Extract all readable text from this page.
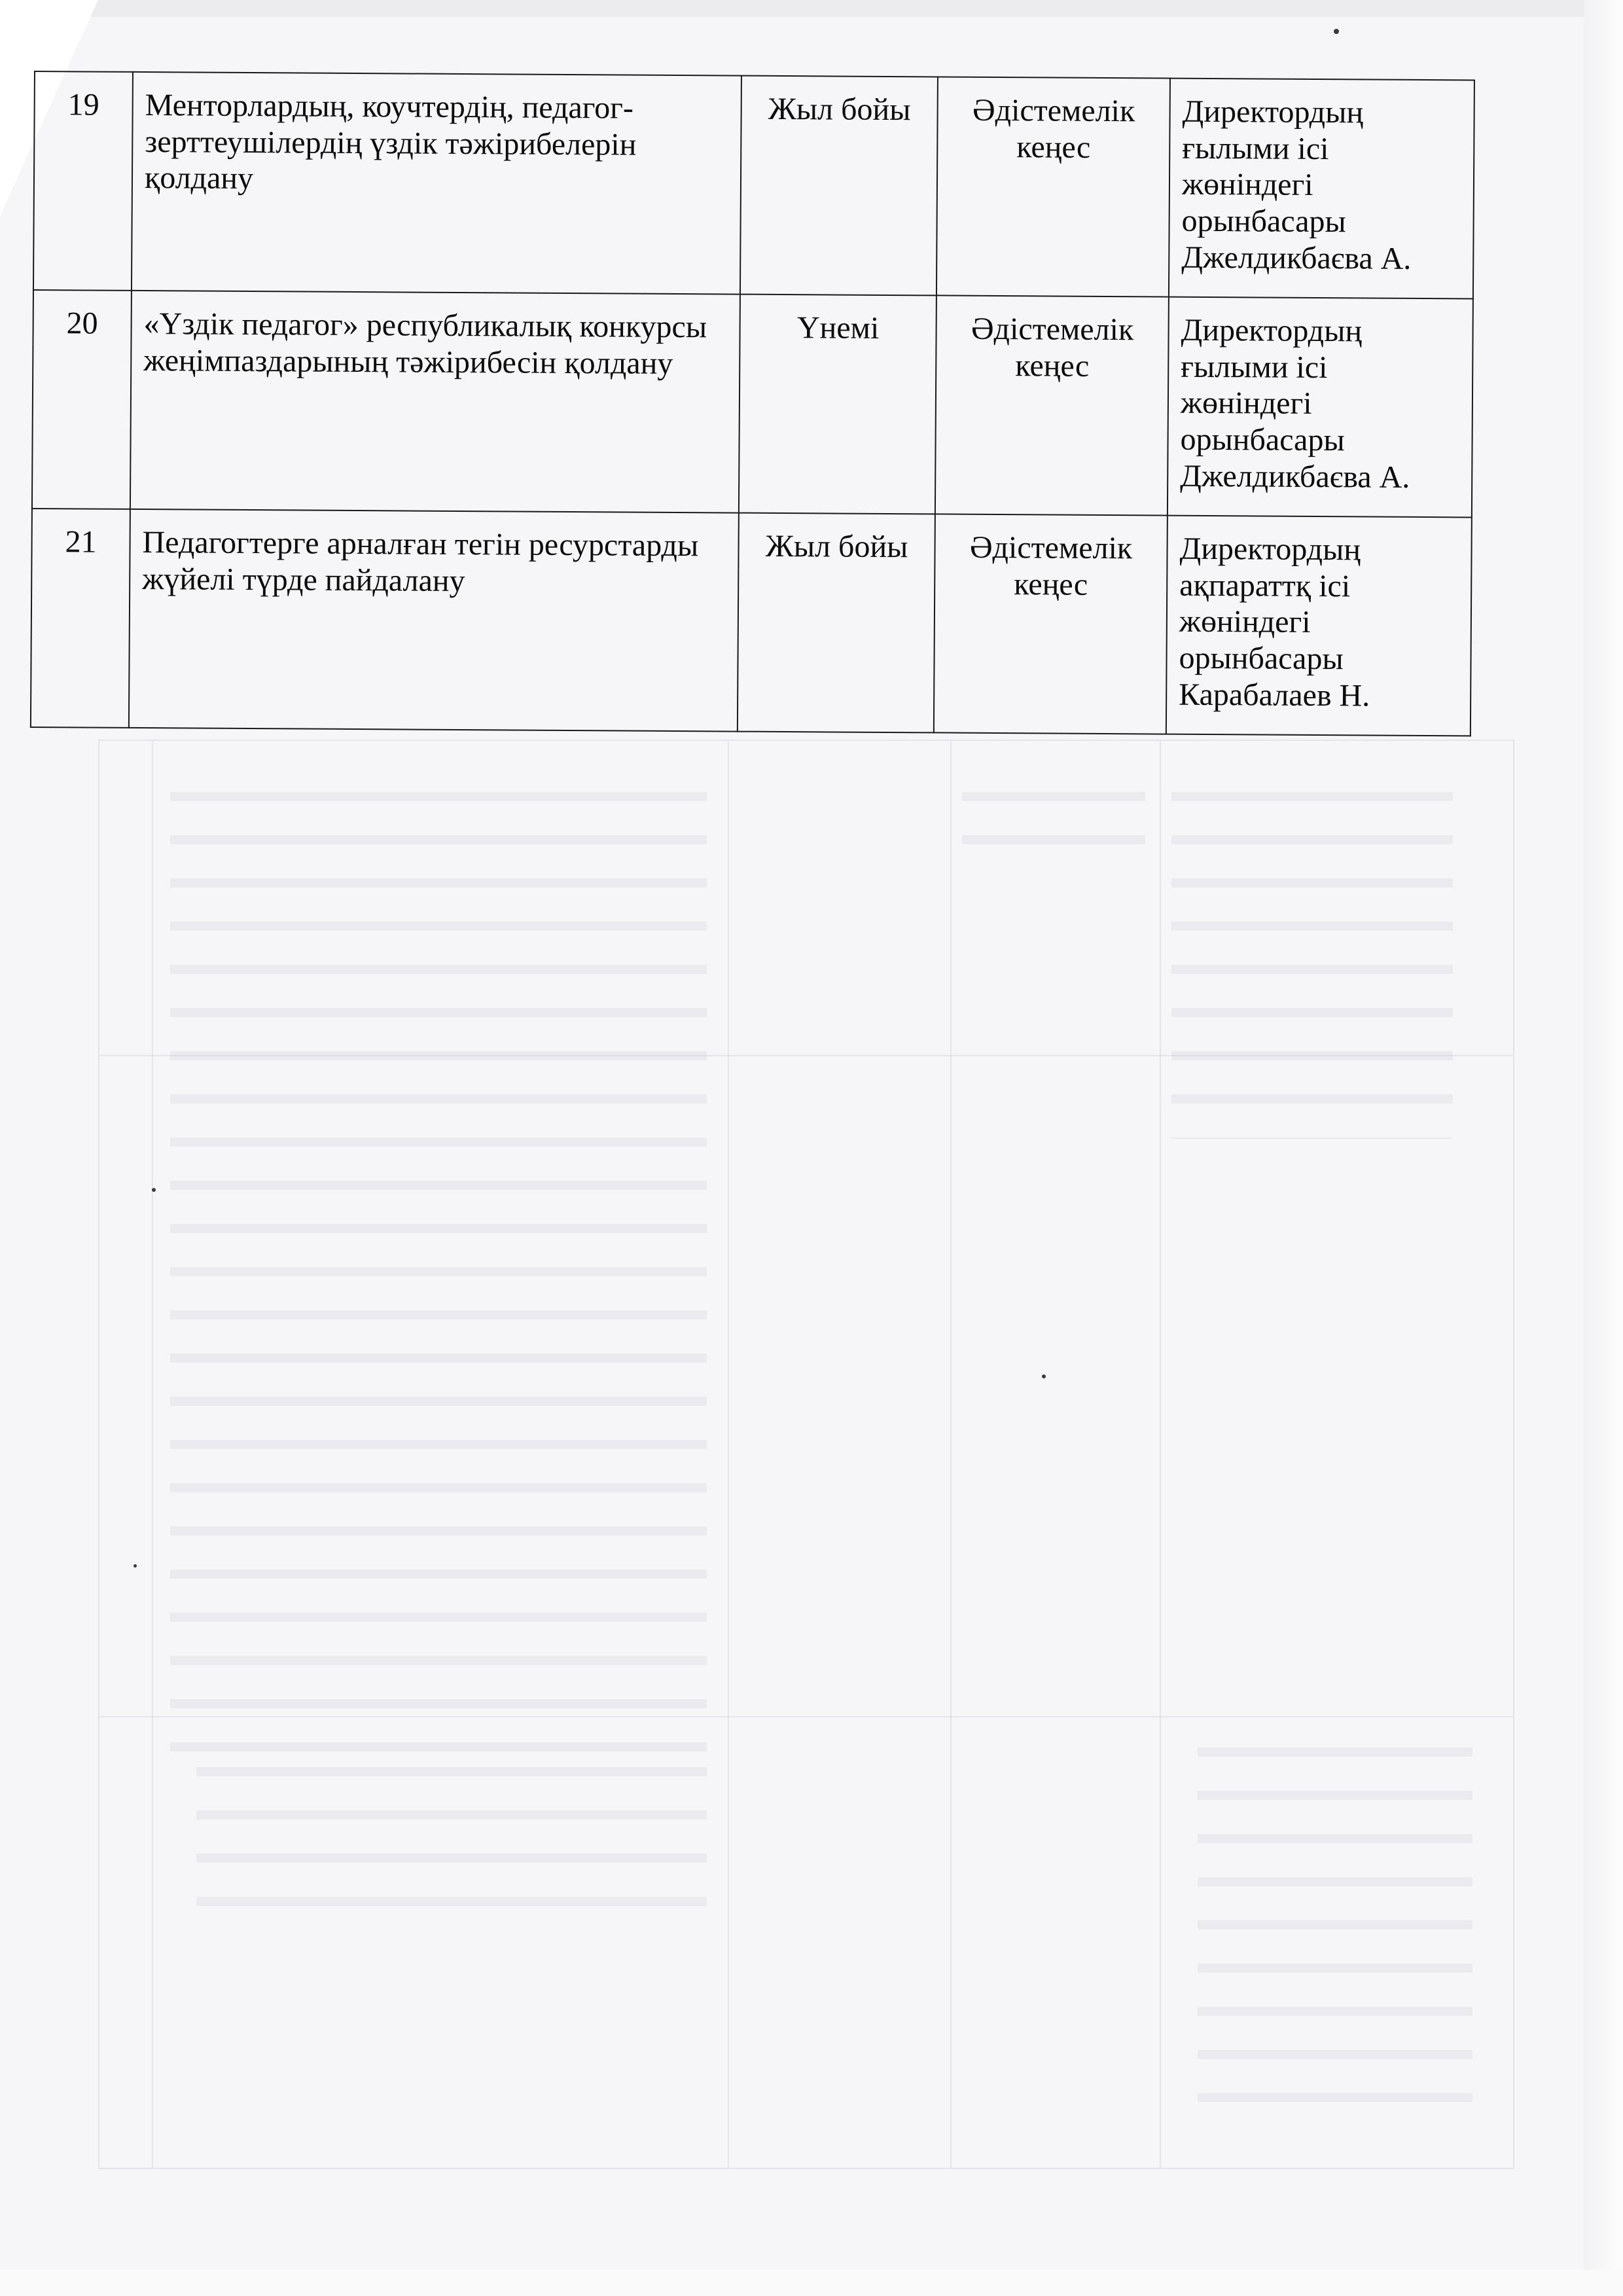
19	Менторлардың, коучтердің, педагог-зерттеушілердің үздік тәжірибелерін қолдану	Жыл бойы	Әдістемелік кеңес	Директордың ғылыми ісі жөніндегі орынбасары Джелдикбаєва А.
20	«Үздік педагог» республикалық конкурсы жеңімпаздарының тәжірибесін қолдану	Үнемі	Әдістемелік кеңес	Директордың ғылыми ісі жөніндегі орынбасары Джелдикбаєва А.
21	Педагогтерге арналған тегін ресурстарды жүйелі түрде пайдалану	Жыл бойы	Әдістемелік кеңес	Директордың ақпараттқ ісі жөніндегі орынбасары Карабалаев Н.
